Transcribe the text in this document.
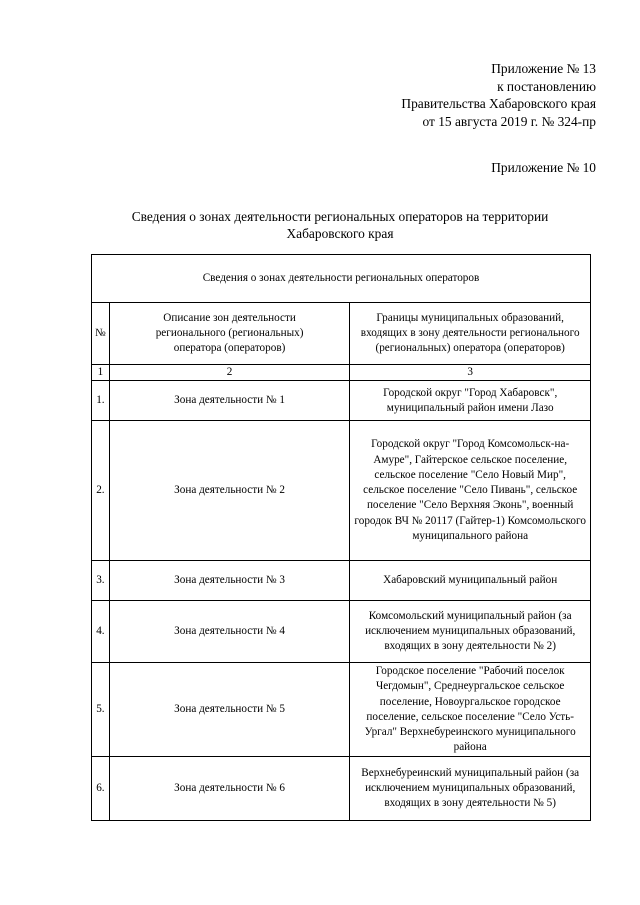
Приложение № 13
к постановлению
Правительства Хабаровского края
от 15 августа 2019 г. № 324-пр
Приложение № 10
Сведения о зонах деятельности региональных операторов на территории
Хабаровского края
Сведения о зонах деятельности региональных операторов		
№	Описание зон деятельности регионального (региональных) оператора (операторов)	Границы муниципальных образований, входящих в зону деятельности регионального (региональных) оператора (операторов)
1	2	3
1.	Зона деятельности № 1	Городской округ "Город Хабаровск", муниципальный район имени Лазо
2.	Зона деятельности № 2	Городской округ "Город Комсомольск-на-Амуре", Гайтерское сельское поселение, сельское поселение "Село Новый Мир", сельское поселение "Село Пивань", сельское поселение "Село Верхняя Эконь", военный городок ВЧ № 20117 (Гайтер-1) Комсомольского муниципального района
3.	Зона деятельности № 3	Хабаровский муниципальный район
4.	Зона деятельности № 4	Комсомольский муниципальный район (за исключением муниципальных образований, входящих в зону деятельности № 2)
5.	Зона деятельности № 5	Городское поселение "Рабочий поселок Чегдомын", Среднеургальское сельское поселение, Новоургальское городское поселение, сельское поселение "Село Усть-Ургал" Верхнебуреинского муниципального района
6.	Зона деятельности № 6	Верхнебуреинский муниципальный район (за исключением муниципальных образований, входящих в зону деятельности № 5)
